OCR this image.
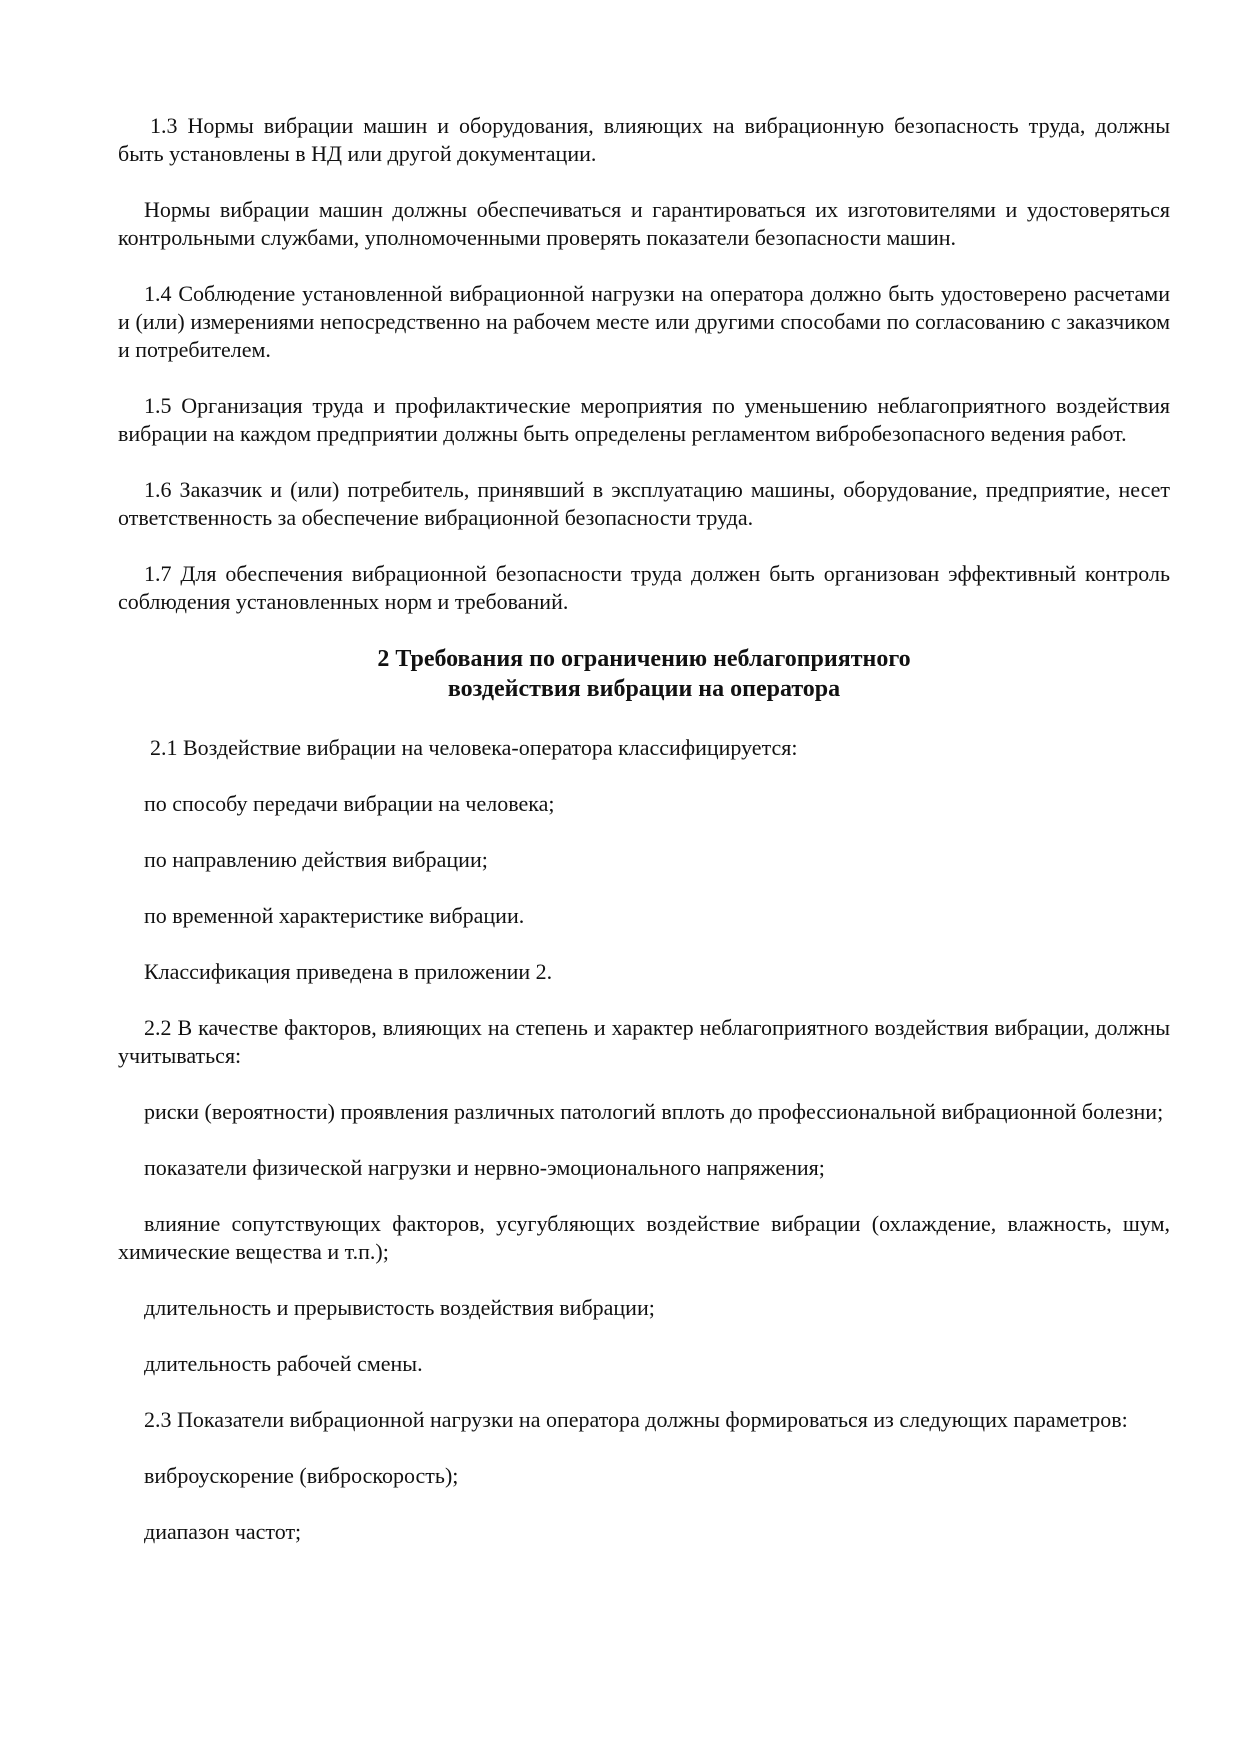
1.3 Нормы вибрации машин и оборудования, влияющих на вибрационную безопасность труда, должны быть установлены в НД или другой документации.

Нормы вибрации машин должны обеспечиваться и гарантироваться их изготовителями и удостоверяться контрольными службами, уполномоченными проверять показатели безопасности машин.

1.4 Соблюдение установленной вибрационной нагрузки на оператора должно быть удостоверено расчетами и (или) измерениями непосредственно на рабочем месте или другими способами по согласованию с заказчиком и потребителем.

1.5 Организация труда и профилактические мероприятия по уменьшению неблагоприятного воздействия вибрации на каждом предприятии должны быть определены регламентом вибробезопасного ведения работ.

1.6 Заказчик и (или) потребитель, принявший в эксплуатацию машины, оборудование, предприятие, несет ответственность за обеспечение вибрационной безопасности труда.

1.7 Для обеспечения вибрационной безопасности труда должен быть организован эффективный контроль соблюдения установленных норм и требований.

2 Требования по ограничению неблагоприятного
воздействия вибрации на оператора

2.1 Воздействие вибрации на человека-оператора классифицируется:

по способу передачи вибрации на человека;

по направлению действия вибрации;

по временной характеристике вибрации.

Классификация приведена в приложении 2.

2.2 В качестве факторов, влияющих на степень и характер неблагоприятного воздействия вибрации, должны учитываться:

риски (вероятности) проявления различных патологий вплоть до профессиональной вибрационной болезни;

показатели физической нагрузки и нервно-эмоционального напряжения;

влияние сопутствующих факторов, усугубляющих воздействие вибрации (охлаждение, влажность, шум, химические вещества и т.п.);

длительность и прерывистость воздействия вибрации;

длительность рабочей смены.

2.3 Показатели вибрационной нагрузки на оператора должны формироваться из следующих параметров:

виброускорение (виброскорость);

диапазон частот;
